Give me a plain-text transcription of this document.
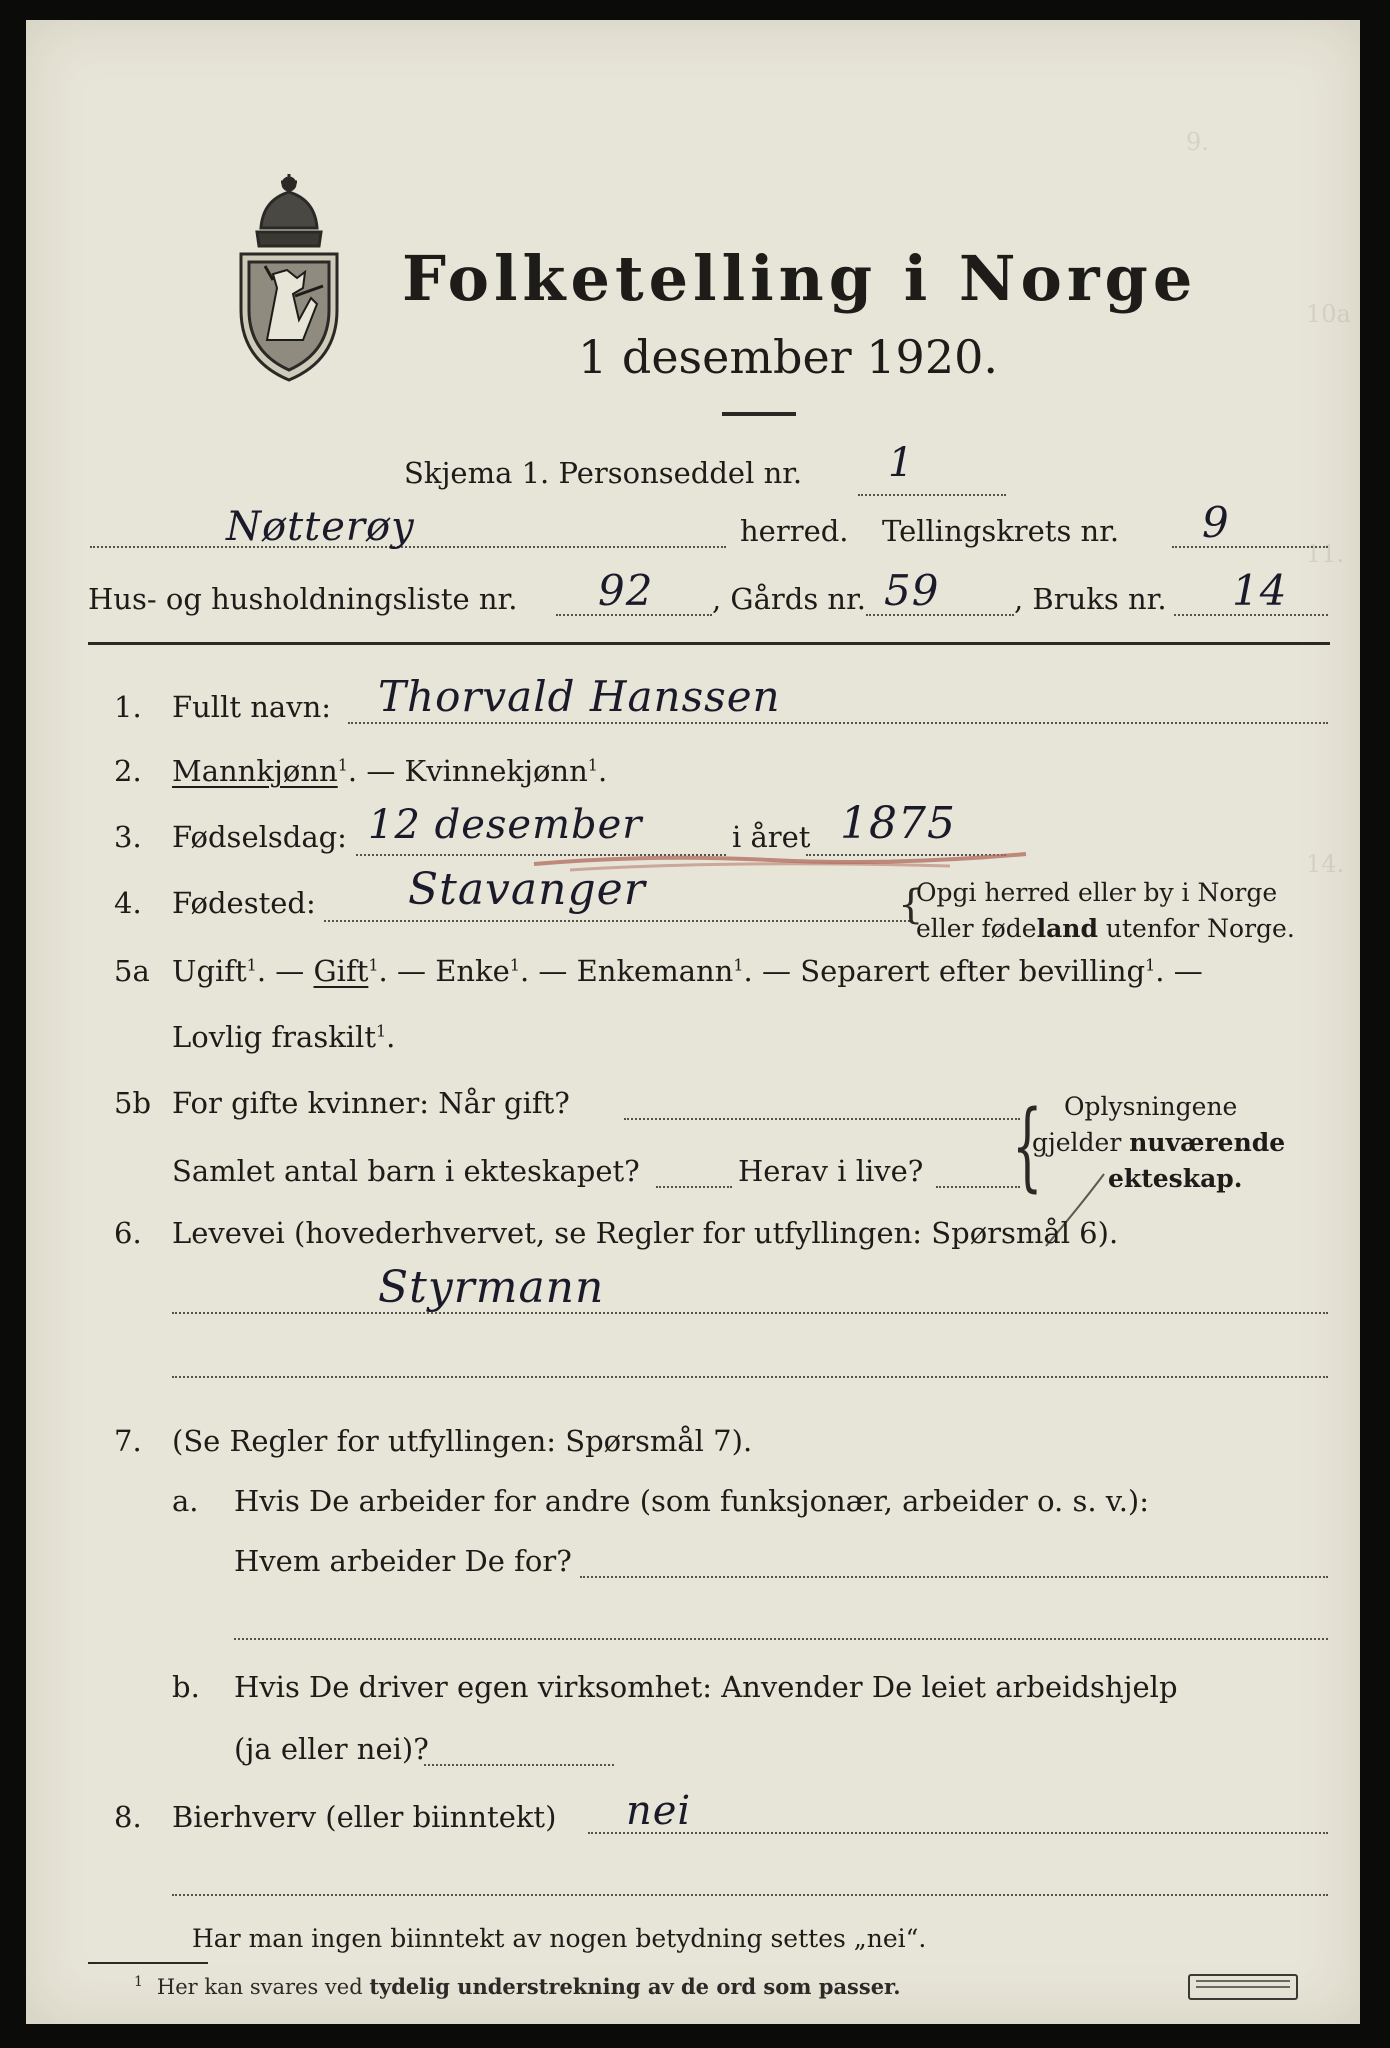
9.
10a
11.
14.
Folketelling i Norge
1 desember 1920.
Skjema 1. Personseddel nr. 1
Nøtterøy	herred. Tellingskrets nr. 9
Hus- og husholdningsliste nr. 92 , Gårds nr. 59	, Bruks nr. 14
1. Fullt navn: Thorvald Hanssen
2. Mannkjønn$^1$. — Kvinnekjønn$^1$.
3. Fødselsdag: 12 desember	i året 1875
4. Fødested: Stavanger	{
Opgi herred eller by i Norge
eller fødeland utenfor Norge.
5a Ugift$^1$. — Gift$^1$. — Enke$^1$. — Enkemann$^1$. — Separert efter bevilling$^1$. —
Lovlig fraskilt$^1$.
5b For gifte kvinner: Når gift?
Samlet antal barn i ekteskapet?	Herav i live? { Oplysningene
gjelder nuværende
ekteskap.
6. Levevei (hovederhvervet, se Regler for utfyllingen: Spørsmål 6).
Styrmann
7. (Se Regler for utfyllingen: Spørsmål 7).
a. Hvis De arbeider for andre (som funksjonær, arbeider o. s. v.):
Hvem arbeider De for?
b. Hvis De driver egen virksomhet: Anvender De leiet arbeidshjelp
(ja eller nei)?
8. Bierhverv (eller biinntekt) nei
Har man ingen biinntekt av nogen betydning settes „nei“.
$^1$ Her kan svares ved tydelig understrekning av de ord som passer.
